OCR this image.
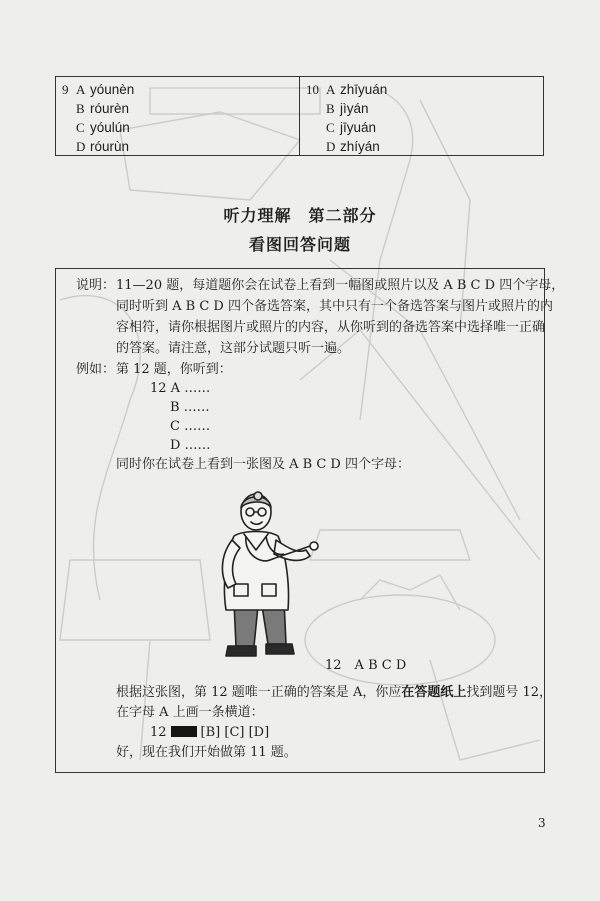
9 A yóunèn
B róurèn
C yóulún
D róurùn
10 A zhīyuán
B jìyán
C jīyuán
D zhíyán
听力理解　第二部分
看图回答问题
说明： 11—20 题，每道题你会在试卷上看到一幅图或照片以及 A B C D 四个字母，
同时听到 A B C D 四个备选答案，其中只有一个备选答案与图片或照片的内
容相符，请你根据图片或照片的内容，从你听到的备选答案中选择唯一正确
的答案。请注意，这部分试题只听一遍。
例如： 第 12 题，你听到：
12 A ……
B ……
C ……
D ……
同时你在试卷上看到一张图及 A B C D 四个字母：
12　A B C D
根据这张图，第 12 题唯一正确的答案是 A，你应在答题纸上找到题号 12，
在字母 A 上画一条横道：
12	[B] [C] [D]
好，现在我们开始做第 11 题。
3
